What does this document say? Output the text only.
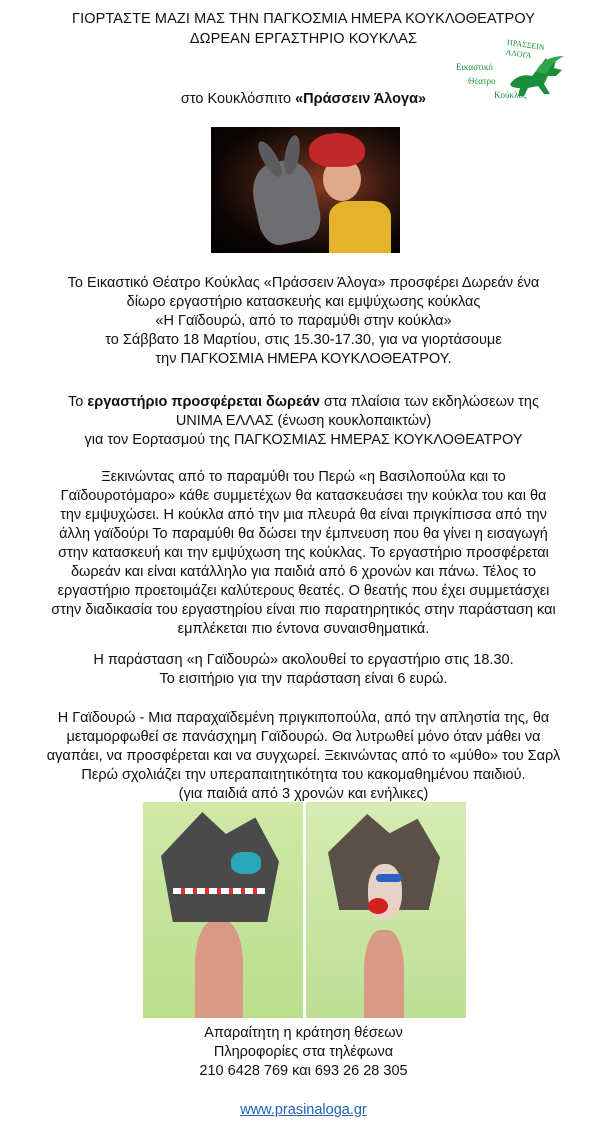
ΓΙΟΡΤΑΣΤΕ ΜΑΖΙ ΜΑΣ ΤΗΝ ΠΑΓΚΟΣΜΙΑ ΗΜΕΡΑ ΚΟΥΚΛΟΘΕΑΤΡΟΥ
ΔΩΡΕΑΝ ΕΡΓΑΣΤΗΡΙΟ ΚΟΥΚΛΑΣ	ΠΡΑΣΣΕΙΝ ΑΛΟΓΑ
Εικαστικό
Θέατρο
Κούκλας
στο Κουκλόσπιτο «Πράσσειν Άλογα»
Το Εικαστικό Θέατρο Κούκλας «Πράσσειν Άλογα» προσφέρει Δωρεάν ένα
δίωρο εργαστήριο κατασκευής και εμψύχωσης κούκλας
«Η Γαϊδουρώ, από το παραμύθι στην κούκλα»
το Σάββατο 18 Μαρτίου, στις 15.30-17.30, για να γιορτάσουμε
την ΠΑΓΚΟΣΜΙΑ ΗΜΕΡΑ ΚΟΥΚΛΟΘΕΑΤΡΟΥ.
Το εργαστήριο προσφέρεται δωρεάν στα πλαίσια των εκδηλώσεων της
UNIMA ΕΛΛΑΣ (ένωση κουκλοπαικτών)
για τον Εορτασμού της ΠΑΓΚΟΣΜΙΑΣ ΗΜΕΡΑΣ ΚΟΥΚΛΟΘΕΑΤΡΟΥ
Ξεκινώντας από το παραμύθι του Περώ «η Βασιλοπούλα και το
Γαϊδουροτόμαρο» κάθε συμμετέχων θα κατασκευάσει την κούκλα του και θα
την εμψυχώσει. Η κούκλα από την μια πλευρά θα είναι πριγκίπισσα από την
άλλη γαϊδούρι Το παραμύθι θα δώσει την έμπνευση που θα γίνει η εισαγωγή
στην κατασκευή και την εμψύχωση της κούκλας. Το εργαστήριο προσφέρεται
δωρεάν και είναι κατάλληλο για παιδιά από 6 χρονών και πάνω. Τέλος το
εργαστήριο προετοιμάζει καλύτερους θεατές. Ο θεατής που έχει συμμετάσχει
στην διαδικασία του εργαστηρίου είναι πιο παρατηρητικός στην παράσταση και
εμπλέκεται πιο έντονα συναισθηματικά.
Η παράσταση «η Γαϊδουρώ» ακολουθεί το εργαστήριο στις 18.30.
Το εισιτήριο για την παράσταση είναι 6 ευρώ.
Η Γαϊδουρώ - Μια παραχαϊδεμένη πριγκιποπούλα, από την απληστία της, θα
μεταμορφωθεί σε πανάσχημη Γαϊδουρώ. Θα λυτρωθεί μόνο όταν μάθει να
αγαπάει, να προσφέρεται και να συγχωρεί. Ξεκινώντας από το «μύθο» του Σαρλ
Περώ σχολιάζει την υπεραπαιτητικότητα του κακομαθημένου παιδιού.
(για παιδιά από 3 χρονών και ενήλικες)
Απαραίτητη η κράτηση θέσεων
Πληροφορίες στα τηλέφωνα
210 6428 769 και 693 26 28 305
www.prasinaloga.gr
